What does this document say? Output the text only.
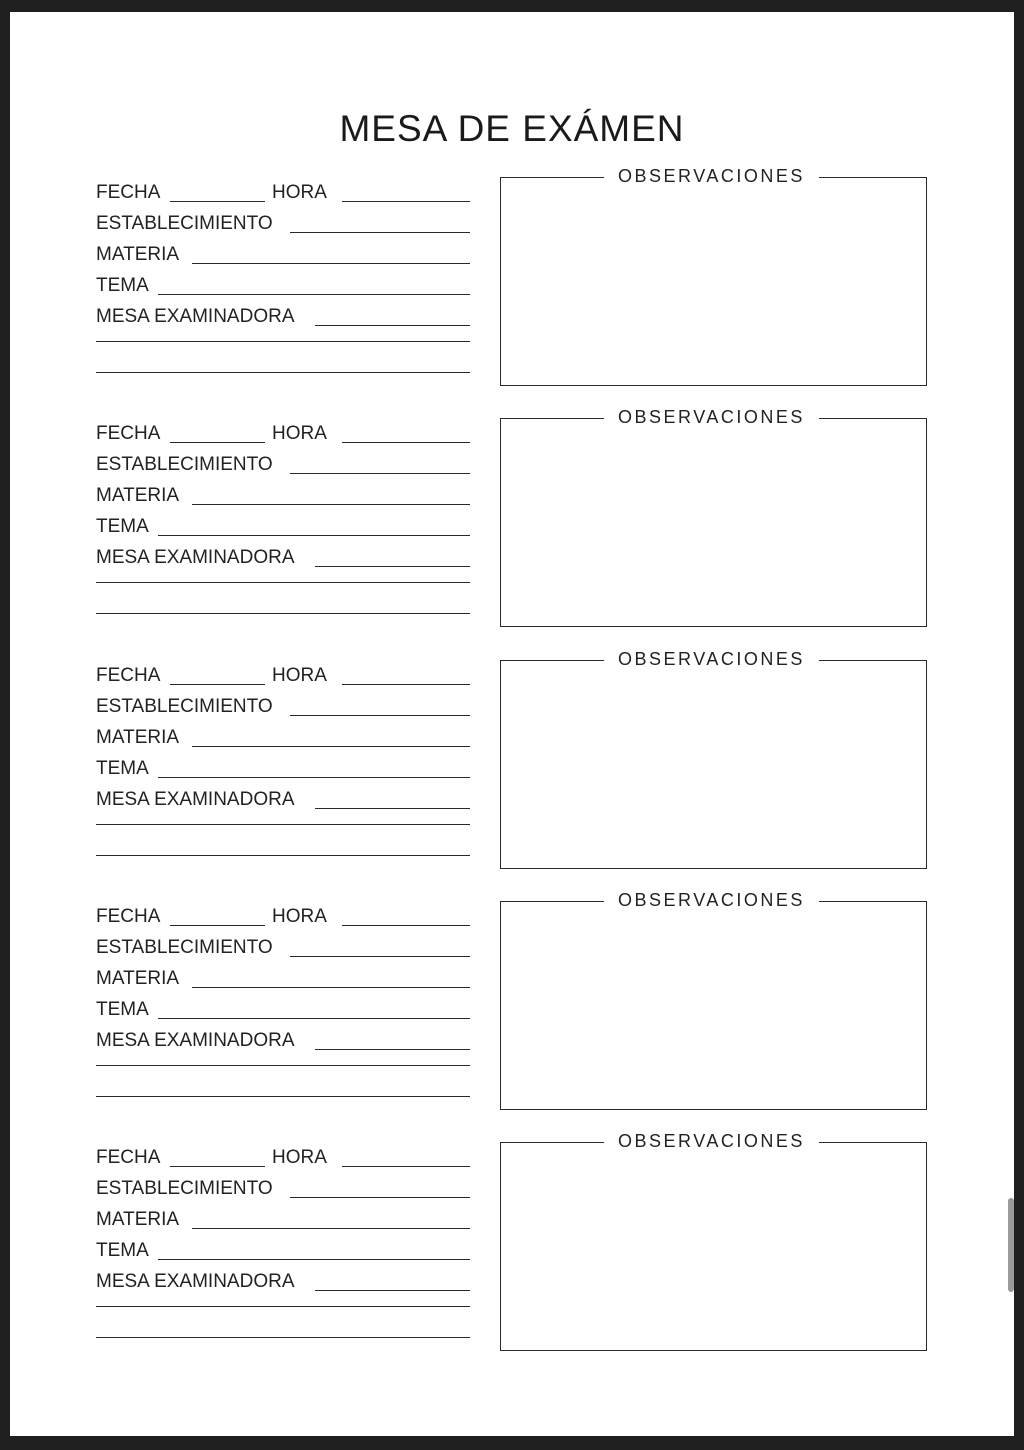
MESA DE EXÁMEN
FECHA	HORA
ESTABLECIMIENTO
MATERIA
TEMA
MESA EXAMINADORA
OBSERVACIONES
FECHA	HORA
ESTABLECIMIENTO
MATERIA
TEMA
MESA EXAMINADORA
OBSERVACIONES
FECHA	HORA
ESTABLECIMIENTO
MATERIA
TEMA
MESA EXAMINADORA
OBSERVACIONES
FECHA	HORA
ESTABLECIMIENTO
MATERIA
TEMA
MESA EXAMINADORA
OBSERVACIONES
FECHA	HORA
ESTABLECIMIENTO
MATERIA
TEMA
MESA EXAMINADORA
OBSERVACIONES
